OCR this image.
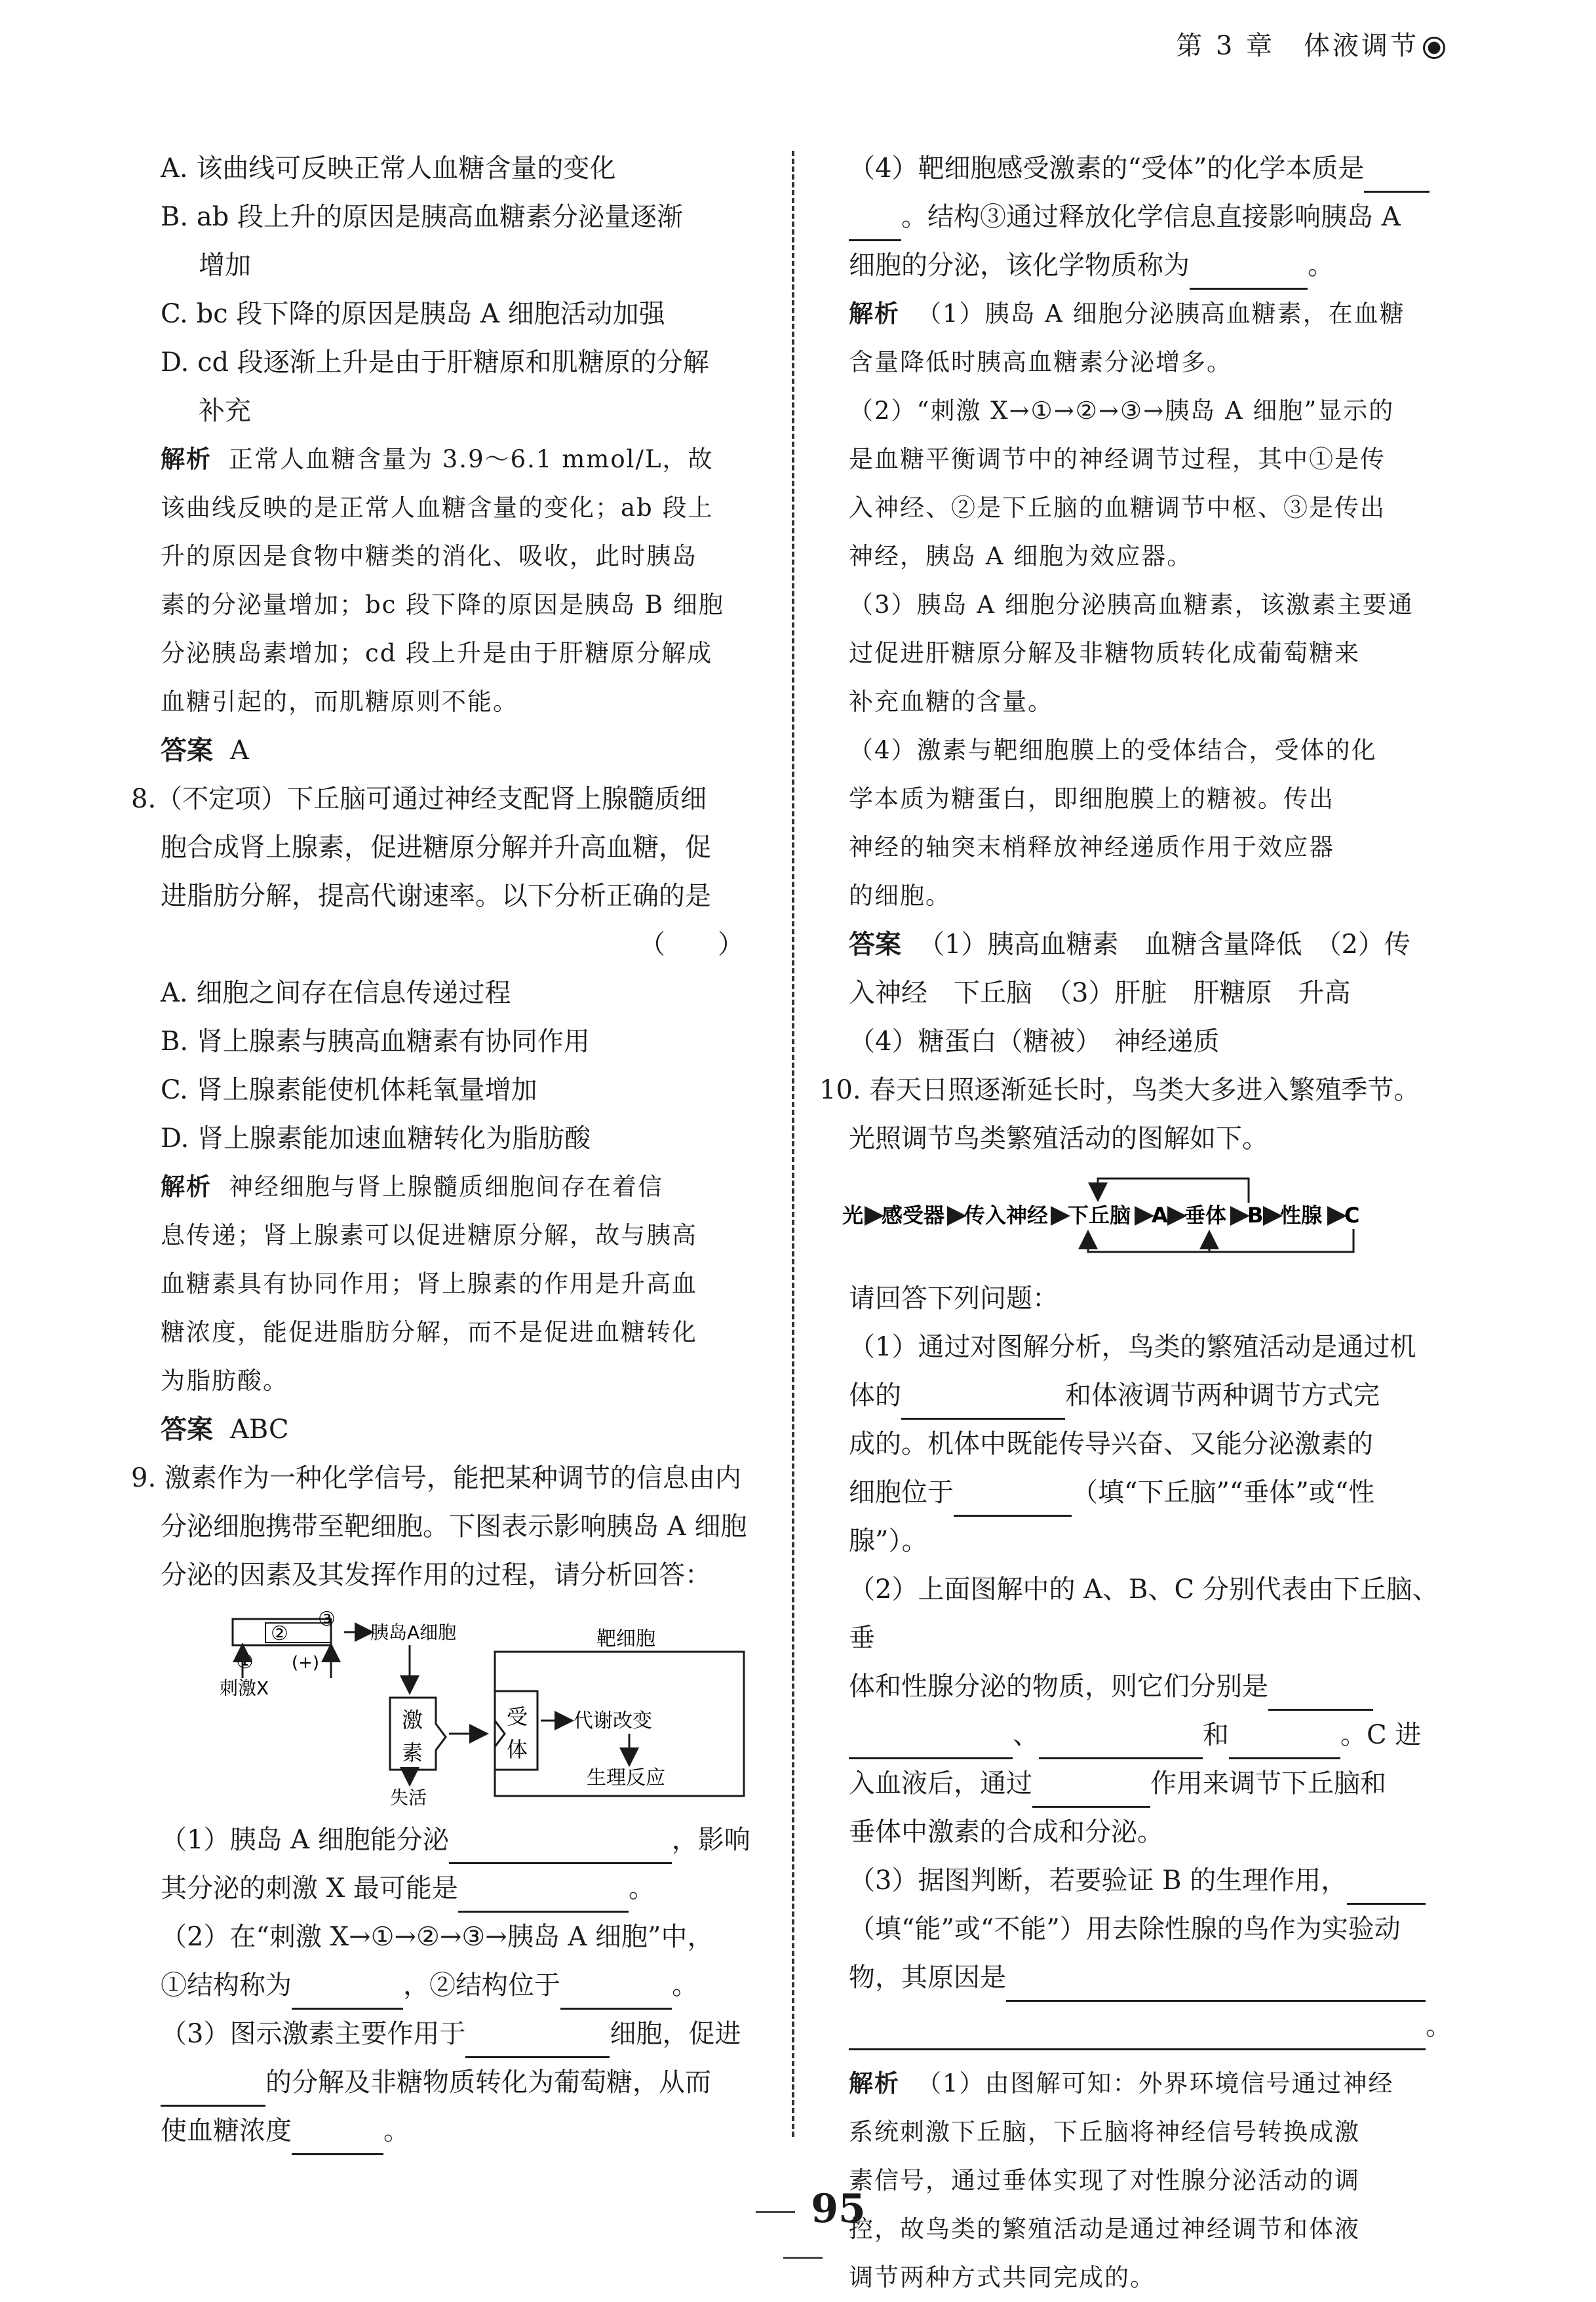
第 3 章　体液调节

A. 该曲线可反映正常人血糖含量的变化

B. ab 段上升的原因是胰高血糖素分泌量逐渐

增加

C. bc 段下降的原因是胰岛 A 细胞活动加强

D. cd 段逐渐上升是由于肝糖原和肌糖原的分解

补充

解析 正常人血糖含量为 3.9～6.1 mmol/L，故

该曲线反映的是正常人血糖含量的变化；ab 段上

升的原因是食物中糖类的消化、吸收，此时胰岛

素的分泌量增加；bc 段下降的原因是胰岛 B 细胞

分泌胰岛素增加；cd 段上升是由于肝糖原分解成

血糖引起的，而肌糖原则不能。

答案 A

8.（不定项）下丘脑可通过神经支配肾上腺髓质细

胞合成肾上腺素，促进糖原分解并升高血糖，促

进脂肪分解，提高代谢速率。以下分析正确的是

（　　）

A. 细胞之间存在信息传递过程

B. 肾上腺素与胰高血糖素有协同作用

C. 肾上腺素能使机体耗氧量增加

D. 肾上腺素能加速血糖转化为脂肪酸

解析 神经细胞与肾上腺髓质细胞间存在着信

息传递；肾上腺素可以促进糖原分解，故与胰高

血糖素具有协同作用；肾上腺素的作用是升高血

糖浓度，能促进脂肪分解，而不是促进血糖转化

为脂肪酸。

答案 ABC

9. 激素作为一种化学信号，能把某种调节的信息由内

分泌细胞携带至靶细胞。下图表示影响胰岛 A 细胞

分泌的因素及其发挥作用的过程，请分析回答：

②
③
胰岛A细胞
① (+)
刺激X
靶细胞
激
素
受
体
代谢改变
生理反应
失活

（1）胰岛 A 细胞能分泌	，影响

其分泌的刺激 X 最可能是	。

（2）在“刺激 X→①→②→③→胰岛 A 细胞”中，

①结构称为	，②结构位于	。

（3）图示激素主要作用于	细胞，促进

的分解及非糖物质转化为葡萄糖，从而

使血糖浓度	。

（4）靶细胞感受激素的“受体”的化学本质是

。结构③通过释放化学信息直接影响胰岛 A

细胞的分泌，该化学物质称为	。

解析 （1）胰岛 A 细胞分泌胰高血糖素，在血糖

含量降低时胰高血糖素分泌增多。

（2）“刺激 X→①→②→③→胰岛 A 细胞”显示的

是血糖平衡调节中的神经调节过程，其中①是传

入神经、②是下丘脑的血糖调节中枢、③是传出

神经，胰岛 A 细胞为效应器。

（3）胰岛 A 细胞分泌胰高血糖素，该激素主要通

过促进肝糖原分解及非糖物质转化成葡萄糖来

补充血糖的含量。

（4）激素与靶细胞膜上的受体结合，受体的化

学本质为糖蛋白，即细胞膜上的糖被。传出

神经的轴突末梢释放神经递质作用于效应器

的细胞。

答案 （1）胰高血糖素　血糖含量降低　（2）传

入神经　下丘脑　（3）肝脏　肝糖原　升高

（4）糖蛋白（糖被）　神经递质

10. 春天日照逐渐延长时，鸟类大多进入繁殖季节。

光照调节鸟类繁殖活动的图解如下。

光 感受器 传入神经 下丘脑 A 垂体 B 性腺 C

请回答下列问题：

（1）通过对图解分析，鸟类的繁殖活动是通过机

体的	和体液调节两种调节方式完

成的。机体中既能传导兴奋、又能分泌激素的

细胞位于	（填“下丘脑”“垂体”或“性

腺”）。

（2）上面图解中的 A、B、C 分别代表由下丘脑、垂

体和性腺分泌的物质，则它们分别是

、	和	。C 进

入血液后，通过	作用来调节下丘脑和

垂体中激素的合成和分泌。

（3）据图判断，若要验证 B 的生理作用，

（填“能”或“不能”）用去除性腺的鸟作为实验动

物，其原因是

。

解析 （1）由图解可知：外界环境信号通过神经

系统刺激下丘脑，下丘脑将神经信号转换成激

素信号，通过垂体实现了对性腺分泌活动的调

控，故鸟类的繁殖活动是通过神经调节和体液

调节两种方式共同完成的。

95
